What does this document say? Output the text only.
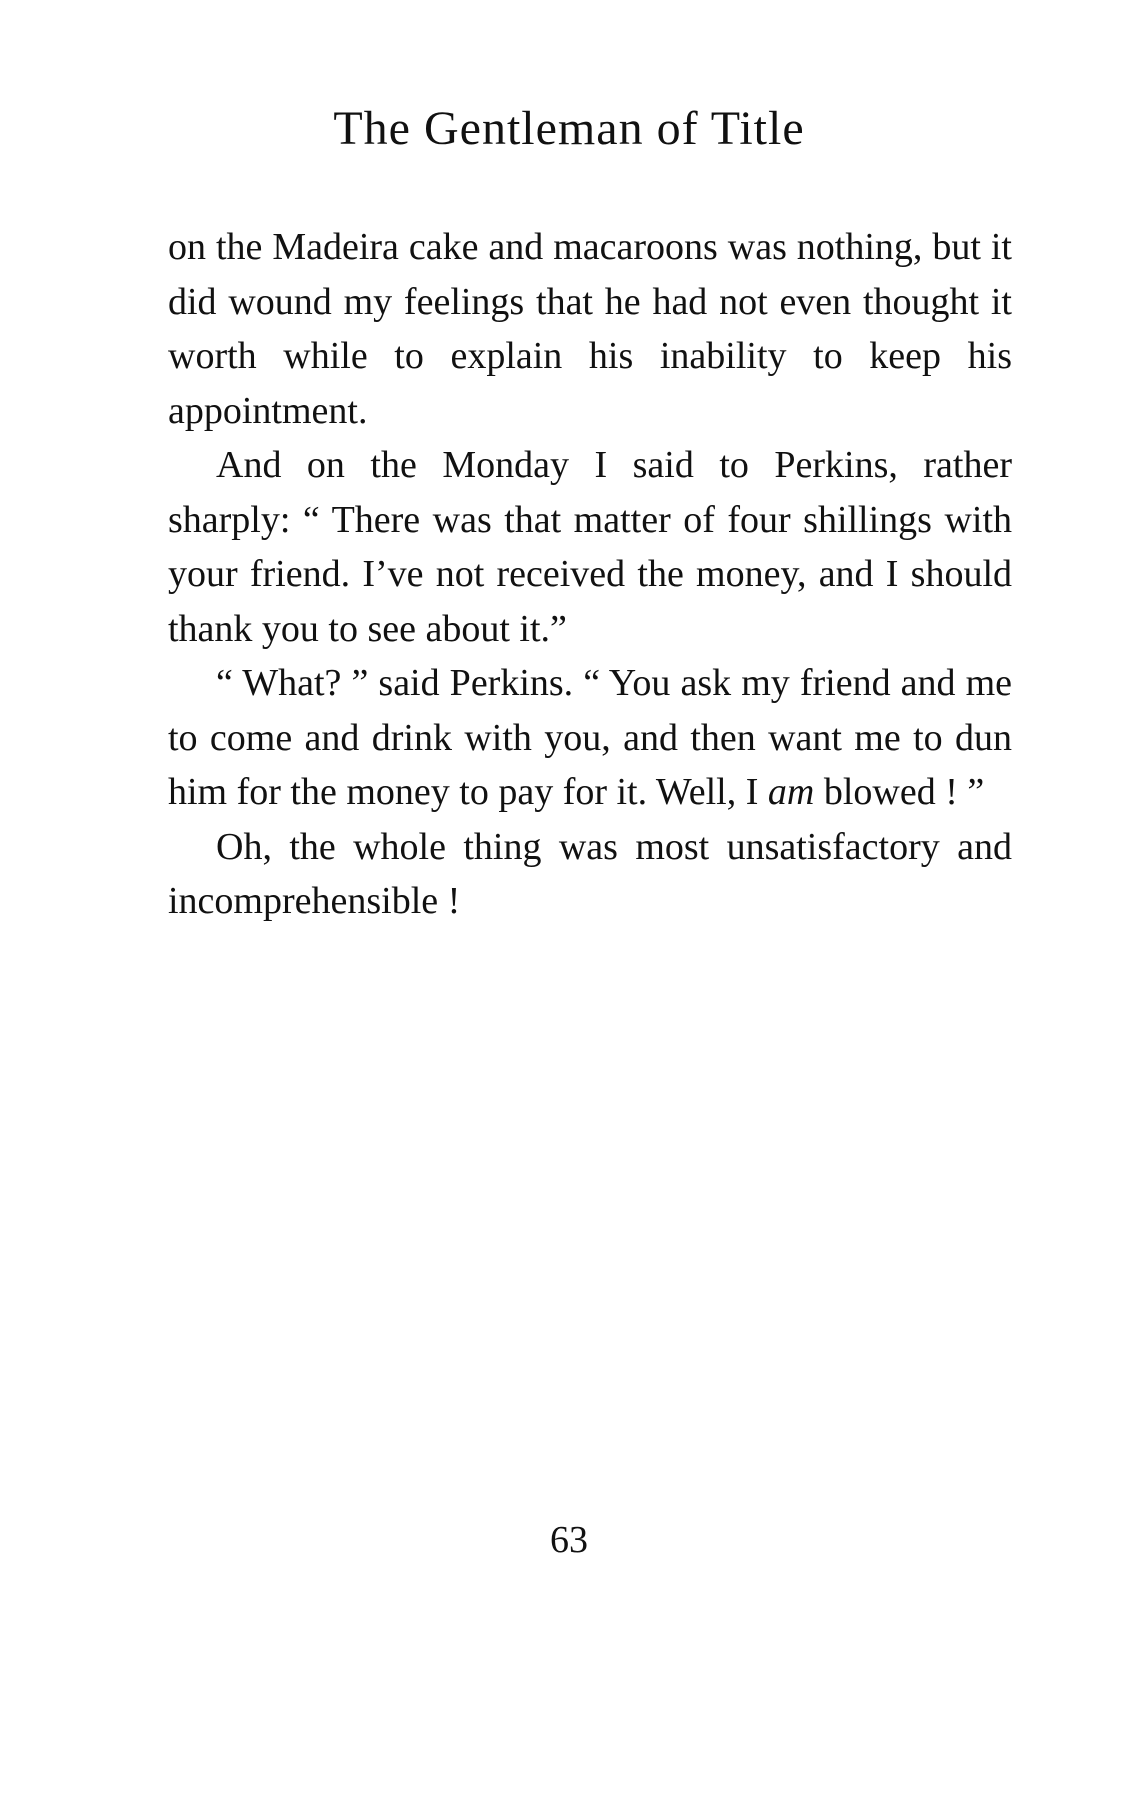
The Gentleman of Title

on the Madeira cake and macaroons was nothing, but it did wound my feelings that he had not even thought it worth while to explain his inability to keep his appointment.

And on the Monday I said to Perkins, rather sharply: “ There was that matter of four shillings with your friend. I’ve not received the money, and I should thank you to see about it.”

“ What? ” said Perkins. “ You ask my friend and me to come and drink with you, and then want me to dun him for the money to pay for it. Well, I am blowed ! ”

Oh, the whole thing was most unsatisfactory and incomprehensible !

63
